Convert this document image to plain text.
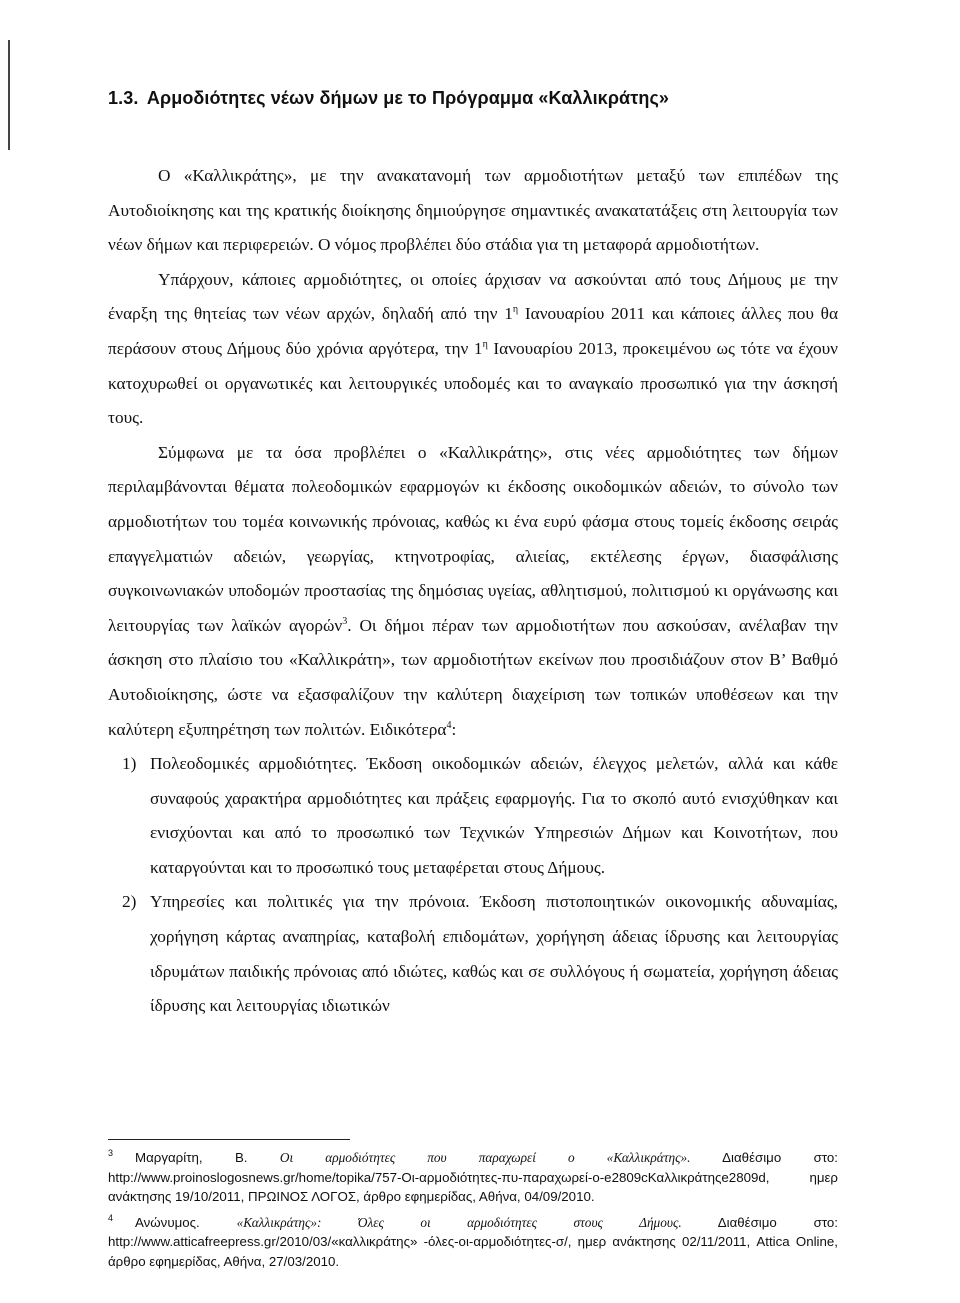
1.3. Αρμοδιότητες νέων δήμων με το Πρόγραμμα «Καλλικράτης»

Ο «Καλλικράτης», με την ανακατανομή των αρμοδιοτήτων μεταξύ των επιπέδων της Αυτοδιοίκησης και της κρατικής διοίκησης δημιούργησε σημαντικές ανακατατάξεις στη λειτουργία των νέων δήμων και περιφερειών. Ο νόμος προβλέπει δύο στάδια για τη μεταφορά αρμοδιοτήτων.

Υπάρχουν, κάποιες αρμοδιότητες, οι οποίες άρχισαν να ασκούνται από τους Δήμους με την έναρξη της θητείας των νέων αρχών, δηλαδή από την $1^\eta$ Ιανουαρίου 2011 και κάποιες άλλες που θα περάσουν στους Δήμους δύο χρόνια αργότερα, την $1^\eta$ Ιανουαρίου 2013, προκειμένου ως τότε να έχουν κατοχυρωθεί οι οργανωτικές και λειτουργικές υποδομές και το αναγκαίο προσωπικό για την άσκησή τους.

Σύμφωνα με τα όσα προβλέπει ο «Καλλικράτης», στις νέες αρμοδιότητες των δήμων περιλαμβάνονται θέματα πολεοδομικών εφαρμογών κι έκδοσης οικοδομικών αδειών, το σύνολο των αρμοδιοτήτων του τομέα κοινωνικής πρόνοιας, καθώς κι ένα ευρύ φάσμα στους τομείς έκδοσης σειράς επαγγελματιών αδειών, γεωργίας, κτηνοτροφίας, αλιείας, εκτέλεσης έργων, διασφάλισης συγκοινωνιακών υποδομών προστασίας της δημόσιας υγείας, αθλητισμού, πολιτισμού κι οργάνωσης και λειτουργίας των λαϊκών αγορών$^3$. Οι δήμοι πέραν των αρμοδιοτήτων που ασκούσαν, ανέλαβαν την άσκηση στο πλαίσιο του «Καλλικράτη», των αρμοδιοτήτων εκείνων που προσιδιάζουν στον Β’ Βαθμό Αυτοδιοίκησης, ώστε να εξασφαλίζουν την καλύτερη διαχείριση των τοπικών υποθέσεων και την καλύτερη εξυπηρέτηση των πολιτών. Ειδικότερα$^4$:

1) Πολεοδομικές αρμοδιότητες. Έκδοση οικοδομικών αδειών, έλεγχος μελετών, αλλά και κάθε συναφούς χαρακτήρα αρμοδιότητες και πράξεις εφαρμογής. Για το σκοπό αυτό ενισχύθηκαν και ενισχύονται και από το προσωπικό των Τεχνικών Υπηρεσιών Δήμων και Κοινοτήτων, που καταργούνται και το προσωπικό τους μεταφέρεται στους Δήμους.
2) Υπηρεσίες και πολιτικές για την πρόνοια. Έκδοση πιστοποιητικών οικονομικής αδυναμίας, χορήγηση κάρτας αναπηρίας, καταβολή επιδομάτων, χορήγηση άδειας ίδρυσης και λειτουργίας ιδρυμάτων παιδικής πρόνοιας από ιδιώτες, καθώς και σε συλλόγους ή σωματεία, χορήγηση άδειας ίδρυσης και λειτουργίας ιδιωτικών

$^3$ Μαργαρίτη, Β. Οι αρμοδιότητες που παραχωρεί ο «Καλλικράτης». Διαθέσιμο στο: http://www.proinoslogosnews.gr/home/topika/757-Οι-αρμοδιότητες-πυ-παραχωρεί-ο-e2809cΚαλλικράτηςe2809d, ημερ ανάκτησης 19/10/2011, ΠΡΩΙΝΟΣ ΛΟΓΟΣ, άρθρο εφημερίδας, Αθήνα, 04/09/2010.

$^4$ Ανώνυμος. «Καλλικράτης»: Όλες οι αρμοδιότητες στους Δήμους. Διαθέσιμο στο: http://www.atticafreepress.gr/2010/03/«καλλικράτης» -όλες-οι-αρμοδιότητες-σ/, ημερ ανάκτησης 02/11/2011, Attica Online, άρθρο εφημερίδας, Αθήνα, 27/03/2010.
